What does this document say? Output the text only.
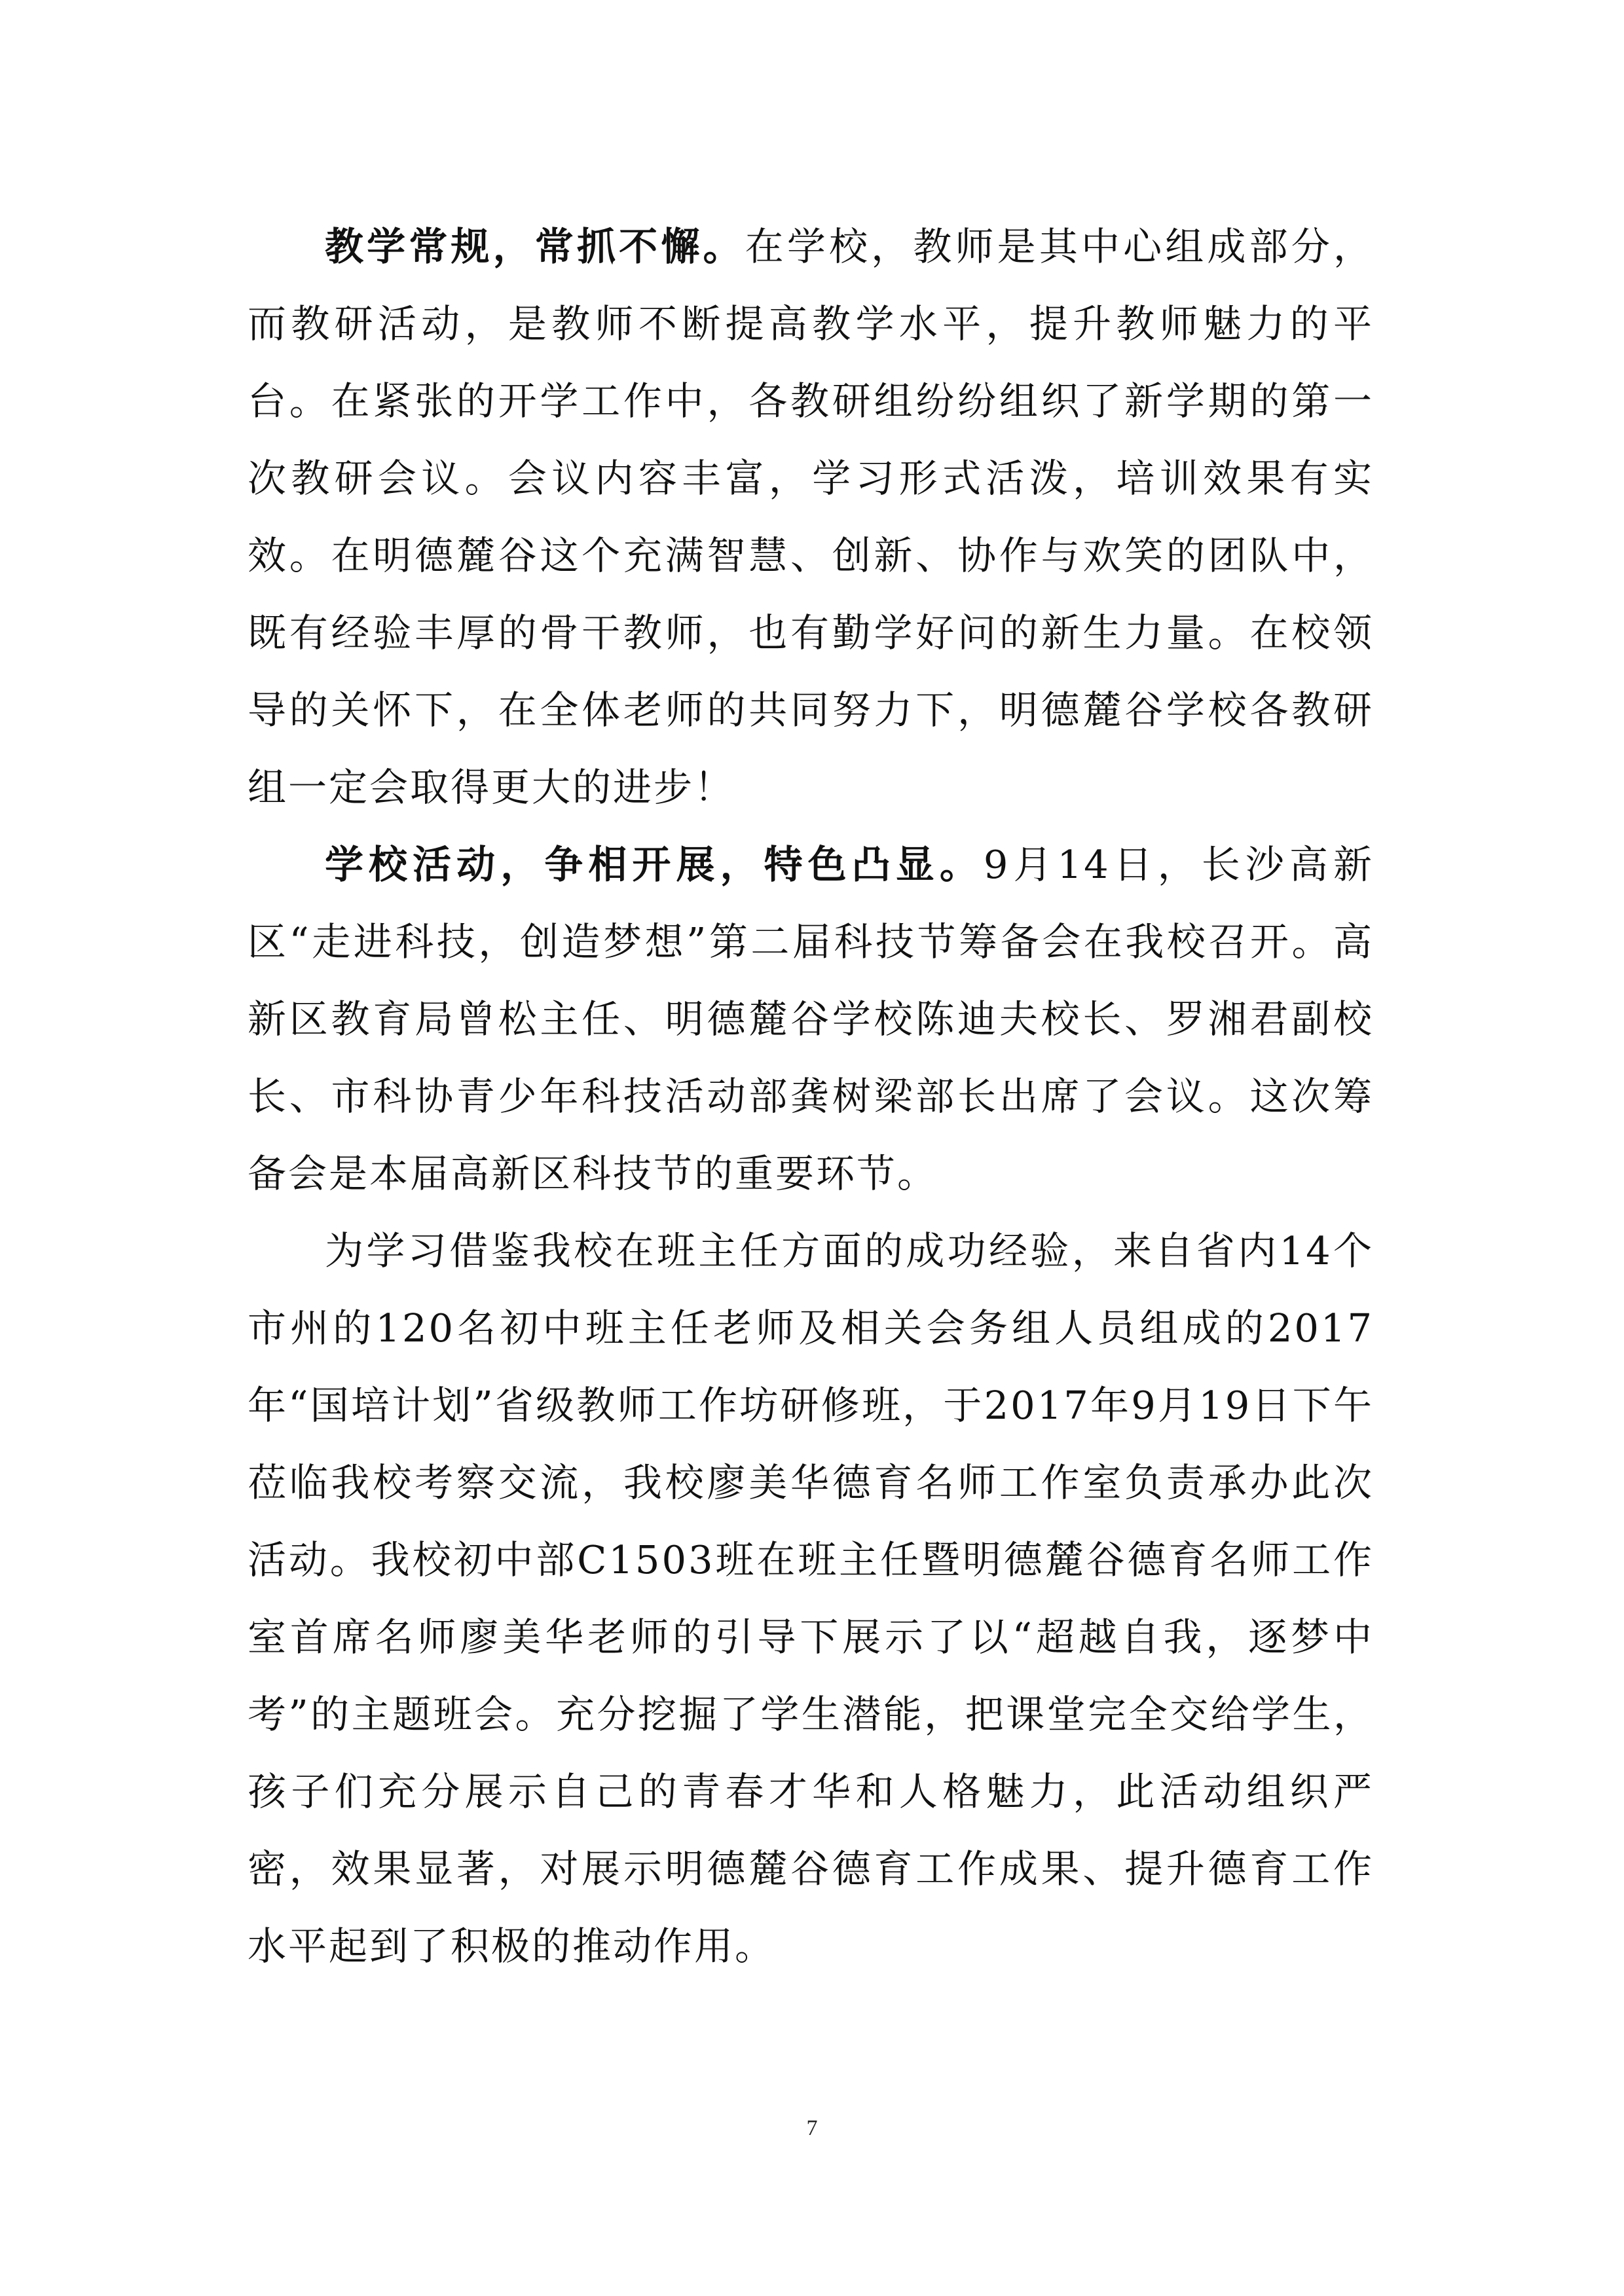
教学常规，常抓不懈。在学校，教师是其中心组成部分，而教研活动，是教师不断提高教学水平，提升教师魅力的平台。在紧张的开学工作中，各教研组纷纷组织了新学期的第一次教研会议。会议内容丰富，学习形式活泼，培训效果有实效。在明德麓谷这个充满智慧、创新、协作与欢笑的团队中，既有经验丰厚的骨干教师，也有勤学好问的新生力量。在校领导的关怀下，在全体老师的共同努力下，明德麓谷学校各教研组一定会取得更大的进步！

学校活动，争相开展，特色凸显。9月14日，长沙高新区“走进科技，创造梦想”第二届科技节筹备会在我校召开。高新区教育局曾松主任、明德麓谷学校陈迪夫校长、罗湘君副校长、市科协青少年科技活动部龚树梁部长出席了会议。这次筹备会是本届高新区科技节的重要环节。

为学习借鉴我校在班主任方面的成功经验，来自省内14个市州的120名初中班主任老师及相关会务组人员组成的2017年“国培计划”省级教师工作坊研修班，于2017年9月19日下午莅临我校考察交流，我校廖美华德育名师工作室负责承办此次活动。我校初中部C1503班在班主任暨明德麓谷德育名师工作室首席名师廖美华老师的引导下展示了以“超越自我，逐梦中考”的主题班会。充分挖掘了学生潜能，把课堂完全交给学生，孩子们充分展示自己的青春才华和人格魅力，此活动组织严密，效果显著，对展示明德麓谷德育工作成果、提升德育工作水平起到了积极的推动作用。

7
